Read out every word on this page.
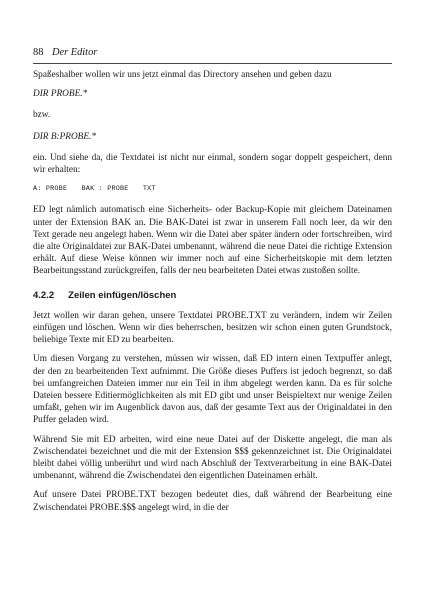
88 Der Editor

Spaßeshalber wollen wir uns jetzt einmal das Directory ansehen und geben dazu

DIR PROBE.*
bzw.
DIR B:PROBE.*

ein. Und siehe da, die Textdatei ist nicht nur einmal, sondern sogar doppelt gespeichert, denn wir erhalten:

A: PROBE BAK : PROBE TXT

ED legt nämlich automatisch eine Sicherheits- oder Backup-Kopie mit gleichem Dateinamen unter der Extension BAK an. Die BAK-Datei ist zwar in unserem Fall noch leer, da wir den Text gerade neu angelegt haben. Wenn wir die Datei aber später ändern oder fortschreiben, wird die alte Originaldatei zur BAK-Datei umbenannt, während die neue Datei die richtige Extension erhält. Auf diese Weise können wir immer noch auf eine Sicherheitskopie mit dem letzten Bearbeitungsstand zurückgreifen, falls der neu bearbeiteten Datei etwas zustoßen sollte.

4.2.2 Zeilen einfügen/löschen

Jetzt wollen wir daran gehen, unsere Textdatei PROBE.TXT zu verändern, indem wir Zeilen einfügen und löschen. Wenn wir dies beherrschen, besitzen wir schon einen guten Grundstock, beliebige Texte mit ED zu bearbeiten.

Um diesen Vorgang zu verstehen, müssen wir wissen, daß ED intern einen Textpuffer anlegt, der den zu bearbeitenden Text aufnimmt. Die Größe dieses Puffers ist jedoch begrenzt, so daß bei umfangreichen Dateien immer nur ein Teil in ihm abgelegt werden kann. Da es für solche Dateien bessere Editiermöglichkeiten als mit ED gibt und unser Beispieltext nur wenige Zeilen umfaßt, gehen wir im Augenblick davon aus, daß der gesamte Text aus der Originaldatei in den Puffer geladen wird.

Während Sie mit ED arbeiten, wird eine neue Datei auf der Diskette angelegt, die man als Zwischendatei bezeichnet und die mit der Extension $$$ gekennzeichnet ist. Die Originaldatei bleibt dabei völlig unberührt und wird nach Abschluß der Textverarbeitung in eine BAK-Datei umbenannt, während die Zwischendatei den eigentlichen Dateinamen erhält.

Auf unsere Datei PROBE.TXT bezogen bedeutet dies, daß während der Bearbeitung eine Zwischendatei PROBE.$$$ angelegt wird, in die der
